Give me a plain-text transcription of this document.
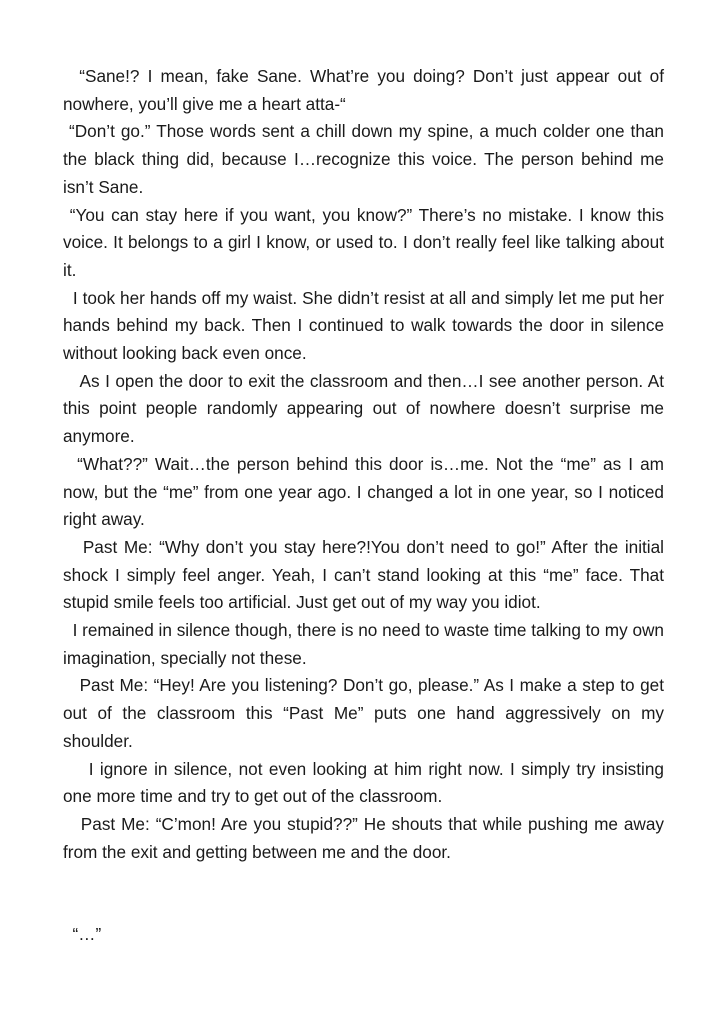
“Sane!? I mean, fake Sane. What’re you doing? Don’t just appear out of nowhere, you’ll give me a heart atta-“

“Don’t go.” Those words sent a chill down my spine, a much colder one than the black thing did, because I…recognize this voice. The person behind me isn’t Sane.

“You can stay here if you want, you know?” There’s no mistake. I know this voice. It belongs to a girl I know, or used to. I don’t really feel like talking about it.

I took her hands off my waist. She didn’t resist at all and simply let me put her hands behind my back. Then I continued to walk towards the door in silence without looking back even once.

As I open the door to exit the classroom and then…I see another person. At this point people randomly appearing out of nowhere doesn’t surprise me anymore.

“What??” Wait…the person behind this door is…me. Not the “me” as I am now, but the “me” from one year ago. I changed a lot in one year, so I noticed right away.

Past Me: “Why don’t you stay here?!You don’t need to go!” After the initial shock I simply feel anger. Yeah, I can’t stand looking at this “me” face. That stupid smile feels too artificial. Just get out of my way you idiot.

I remained in silence though, there is no need to waste time talking to my own imagination, specially not these.

Past Me: “Hey! Are you listening? Don’t go, please.” As I make a step to get out of the classroom this “Past Me” puts one hand aggressively on my shoulder.

I ignore in silence, not even looking at him right now. I simply try insisting one more time and try to get out of the classroom.

Past Me: “C’mon! Are you stupid??” He shouts that while pushing me away from the exit and getting between me and the door.

“…”
